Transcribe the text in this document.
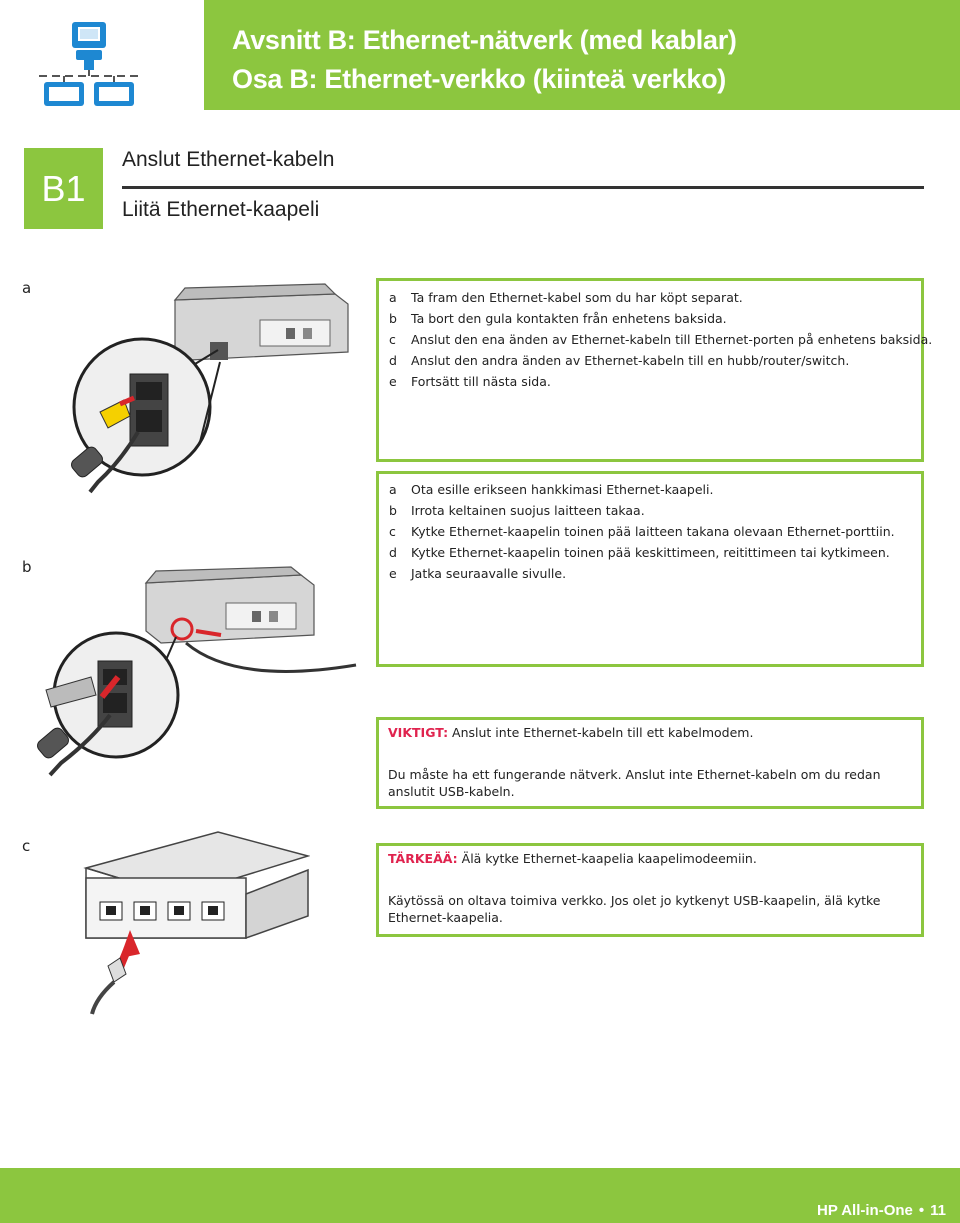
Avsnitt B: Ethernet-nätverk (med kablar)
Osa B: Ethernet-verkko (kiinteä verkko)
B1
Anslut Ethernet-kabeln
Liitä Ethernet-kaapeli
a
b
c
a	Ta fram den Ethernet-kabel som du har köpt separat.
b	Ta bort den gula kontakten från enhetens baksida.
c	Anslut den ena änden av Ethernet-kabeln till Ethernet-porten på enhetens baksida.
d	Anslut den andra änden av Ethernet-kabeln till en hubb/router/switch.
e	Fortsätt till nästa sida.
a	Ota esille erikseen hankkimasi Ethernet-kaapeli.
b	Irrota keltainen suojus laitteen takaa.
c	Kytke Ethernet-kaapelin toinen pää laitteen takana olevaan Ethernet-porttiin.
d	Kytke Ethernet-kaapelin toinen pää keskittimeen, reitittimeen tai kytkimeen.
e	Jatka seuraavalle sivulle.

VIKTIGT: Anslut inte Ethernet-kabeln till ett kabelmodem.

Du måste ha ett fungerande nätverk. Anslut inte Ethernet-kabeln om du redan anslutit USB-kabeln.

TÄRKEÄÄ: Älä kytke Ethernet-kaapelia kaapelimodeemiin.

Käytössä on oltava toimiva verkko. Jos olet jo kytkenyt USB-kaapelin, älä kytke Ethernet-kaapelia.

HP All-in-One • 11
